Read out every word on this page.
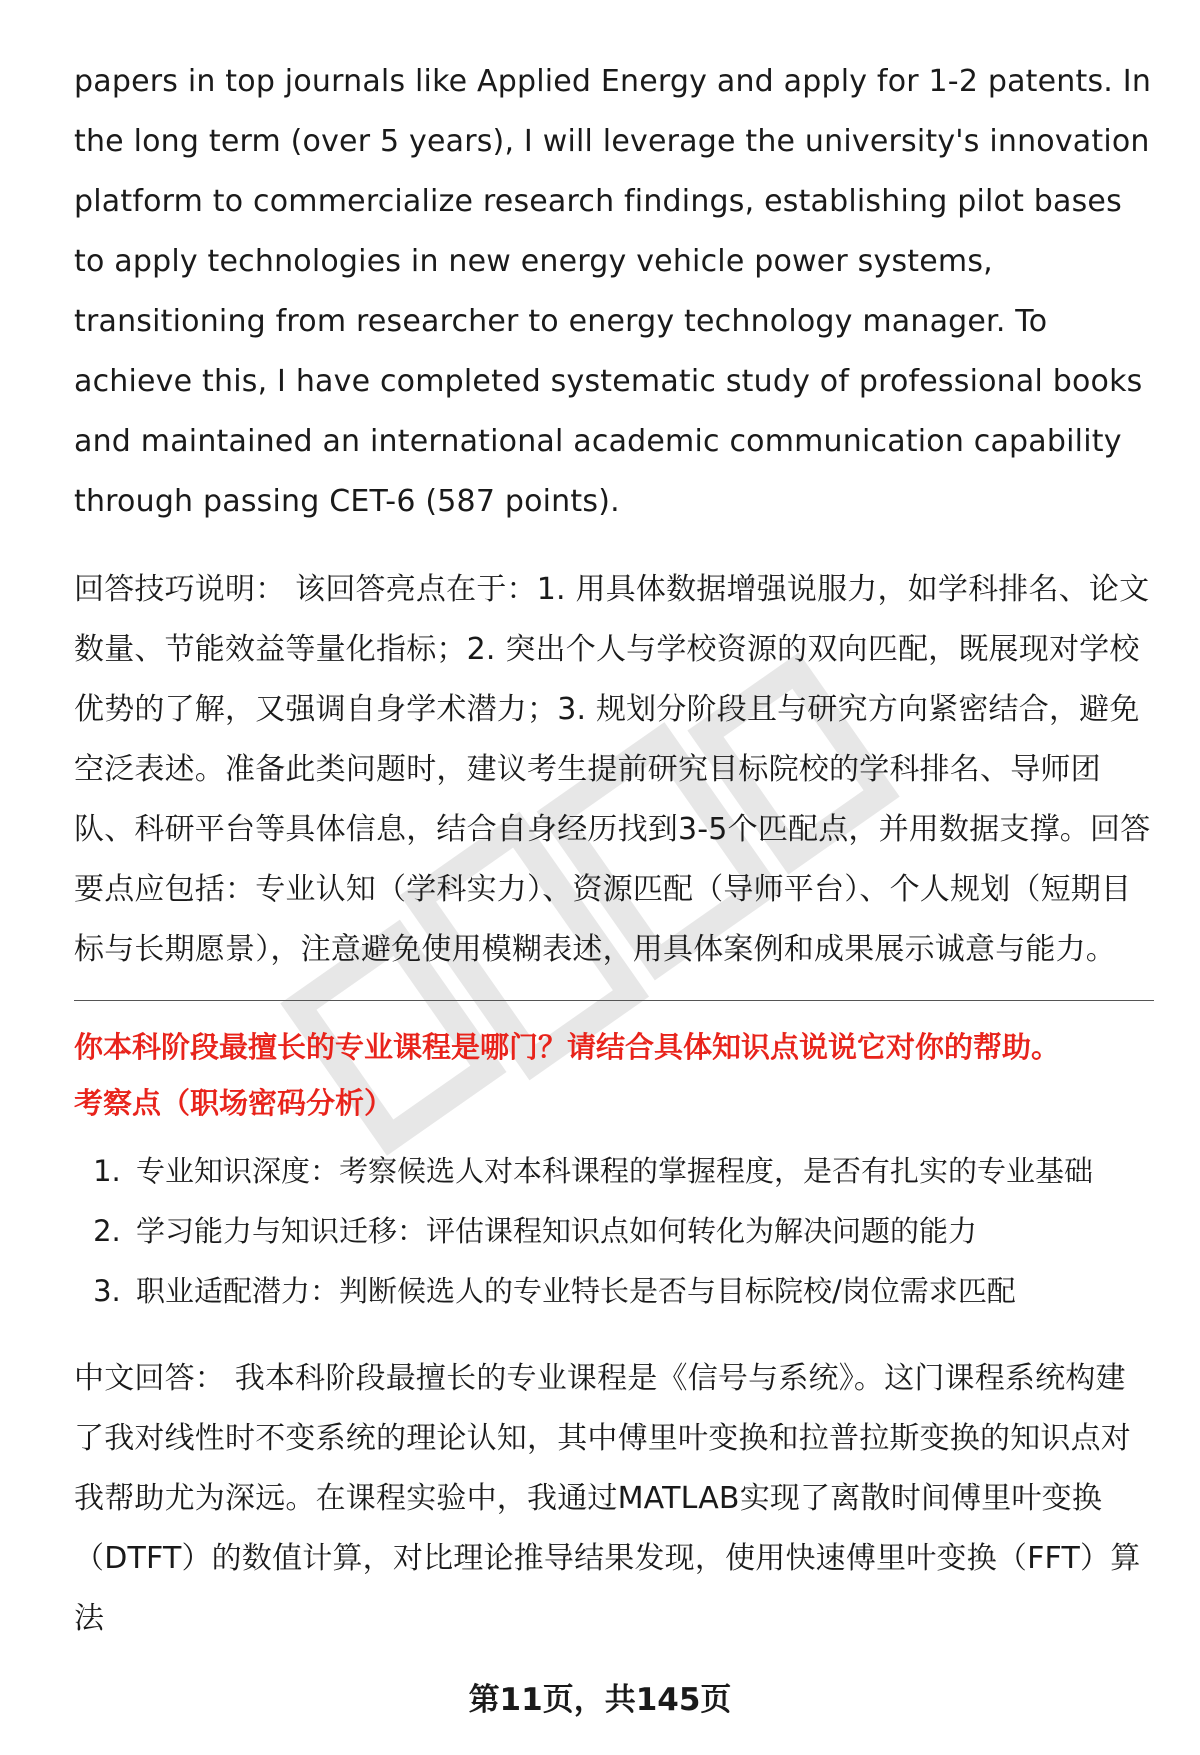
papers in top journals like Applied Energy and apply for 1-2 patents. In the long term (over 5 years), I will leverage the university's innovation platform to commercialize research findings, establishing pilot bases to apply technologies in new energy vehicle power systems, transitioning from researcher to energy technology manager. To achieve this, I have completed systematic study of professional books and maintained an international academic communication capability through passing CET-6 (587 points).

回答技巧说明： 该回答亮点在于：1. 用具体数据增强说服力，如学科排名、论文数量、节能效益等量化指标；2. 突出个人与学校资源的双向匹配，既展现对学校优势的了解，又强调自身学术潜力；3. 规划分阶段且与研究方向紧密结合，避免空泛表述。准备此类问题时，建议考生提前研究目标院校的学科排名、导师团队、科研平台等具体信息，结合自身经历找到3-5个匹配点，并用数据支撑。回答要点应包括：专业认知（学科实力）、资源匹配（导师平台）、个人规划（短期目标与长期愿景），注意避免使用模糊表述，用具体案例和成果展示诚意与能力。

你本科阶段最擅长的专业课程是哪门？请结合具体知识点说说它对你的帮助。

考察点（职场密码分析）

1. 专业知识深度：考察候选人对本科课程的掌握程度，是否有扎实的专业基础
2. 学习能力与知识迁移：评估课程知识点如何转化为解决问题的能力
3. 职业适配潜力：判断候选人的专业特长是否与目标院校/岗位需求匹配

中文回答： 我本科阶段最擅长的专业课程是《信号与系统》。这门课程系统构建了我对线性时不变系统的理论认知，其中傅里叶变换和拉普拉斯变换的知识点对我帮助尤为深远。在课程实验中，我通过MATLAB实现了离散时间傅里叶变换（DTFT）的数值计算，对比理论推导结果发现，使用快速傅里叶变换（FFT）算法

第11页，共145页
